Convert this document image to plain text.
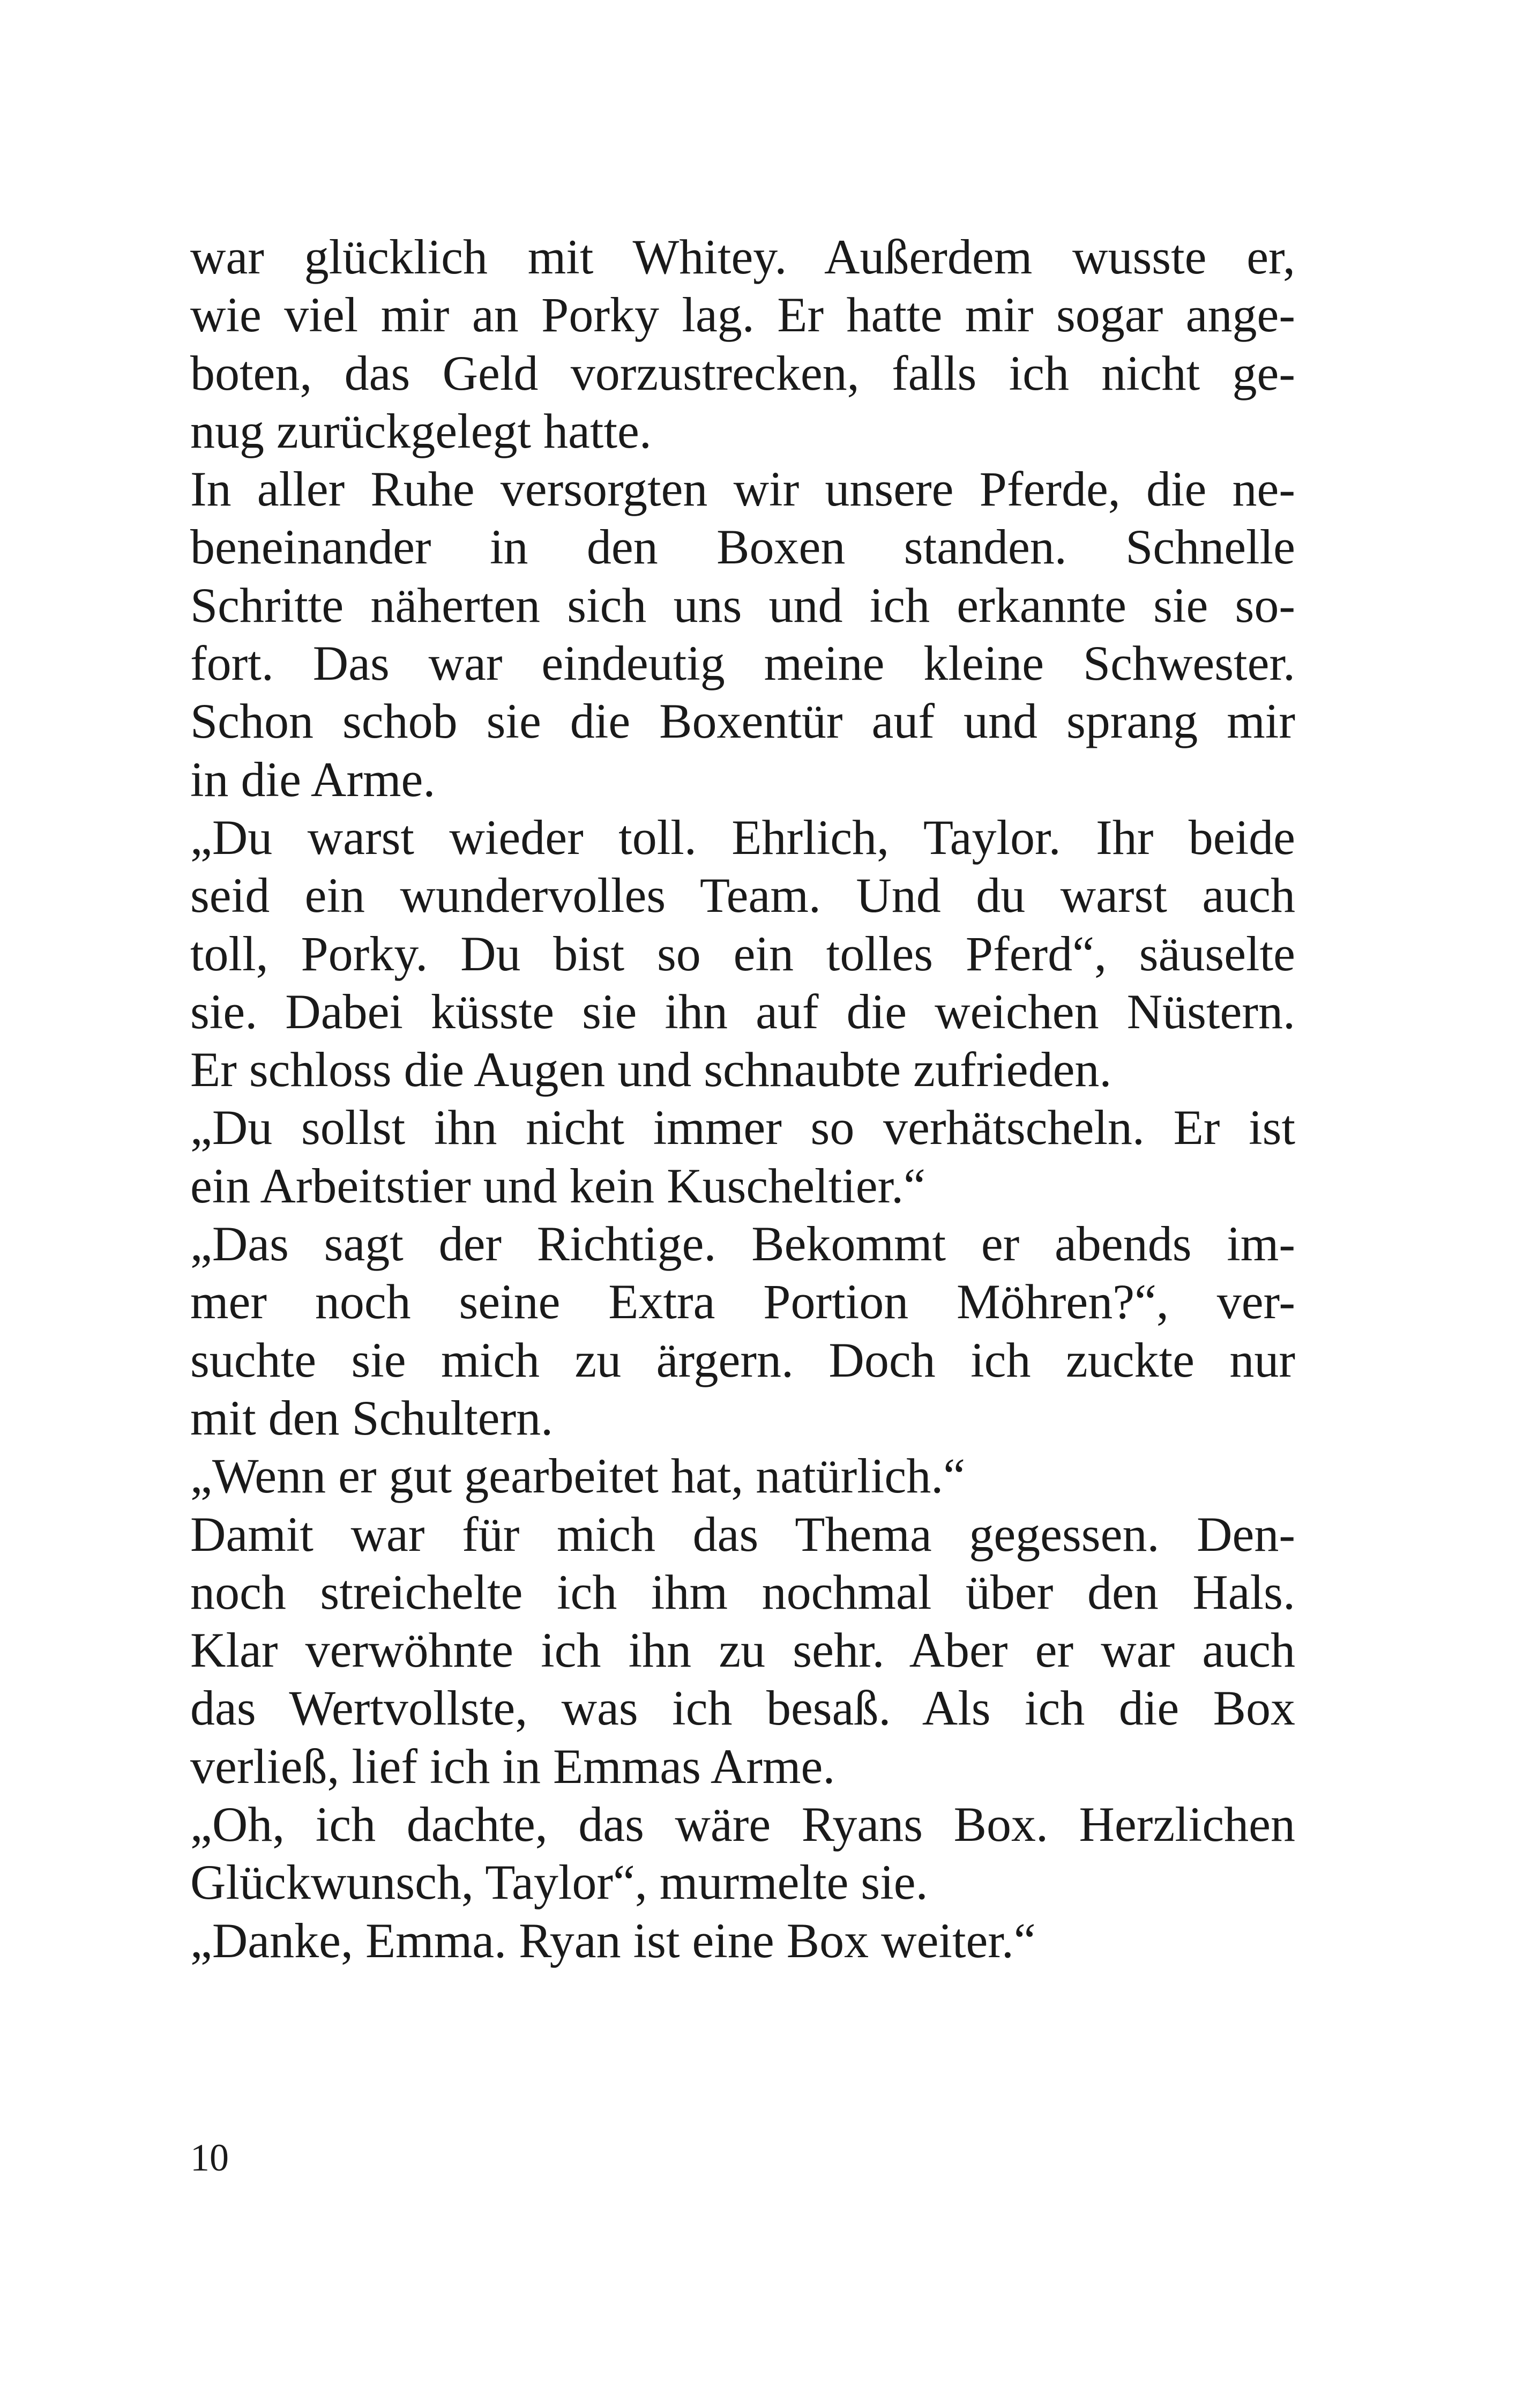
war glücklich mit Whitey. Außerdem wusste er,
wie viel mir an Porky lag. Er hatte mir sogar ange-
boten, das Geld vorzustrecken, falls ich nicht ge-
nug zurückgelegt hatte.
In aller Ruhe versorgten wir unsere Pferde, die ne-
beneinander in den Boxen standen. Schnelle
Schritte näherten sich uns und ich erkannte sie so-
fort. Das war eindeutig meine kleine Schwester.
Schon schob sie die Boxentür auf und sprang mir
in die Arme.
„Du warst wieder toll. Ehrlich, Taylor. Ihr beide
seid ein wundervolles Team. Und du warst auch
toll, Porky. Du bist so ein tolles Pferd“, säuselte
sie. Dabei küsste sie ihn auf die weichen Nüstern.
Er schloss die Augen und schnaubte zufrieden.
„Du sollst ihn nicht immer so verhätscheln. Er ist
ein Arbeitstier und kein Kuscheltier.“
„Das sagt der Richtige. Bekommt er abends im-
mer noch seine Extra Portion Möhren?“, ver-
suchte sie mich zu ärgern. Doch ich zuckte nur
mit den Schultern.
„Wenn er gut gearbeitet hat, natürlich.“
Damit war für mich das Thema gegessen. Den-
noch streichelte ich ihm nochmal über den Hals.
Klar verwöhnte ich ihn zu sehr. Aber er war auch
das Wertvollste, was ich besaß. Als ich die Box
verließ, lief ich in Emmas Arme.
„Oh, ich dachte, das wäre Ryans Box. Herzlichen
Glückwunsch, Taylor“, murmelte sie.
„Danke, Emma. Ryan ist eine Box weiter.“
10
